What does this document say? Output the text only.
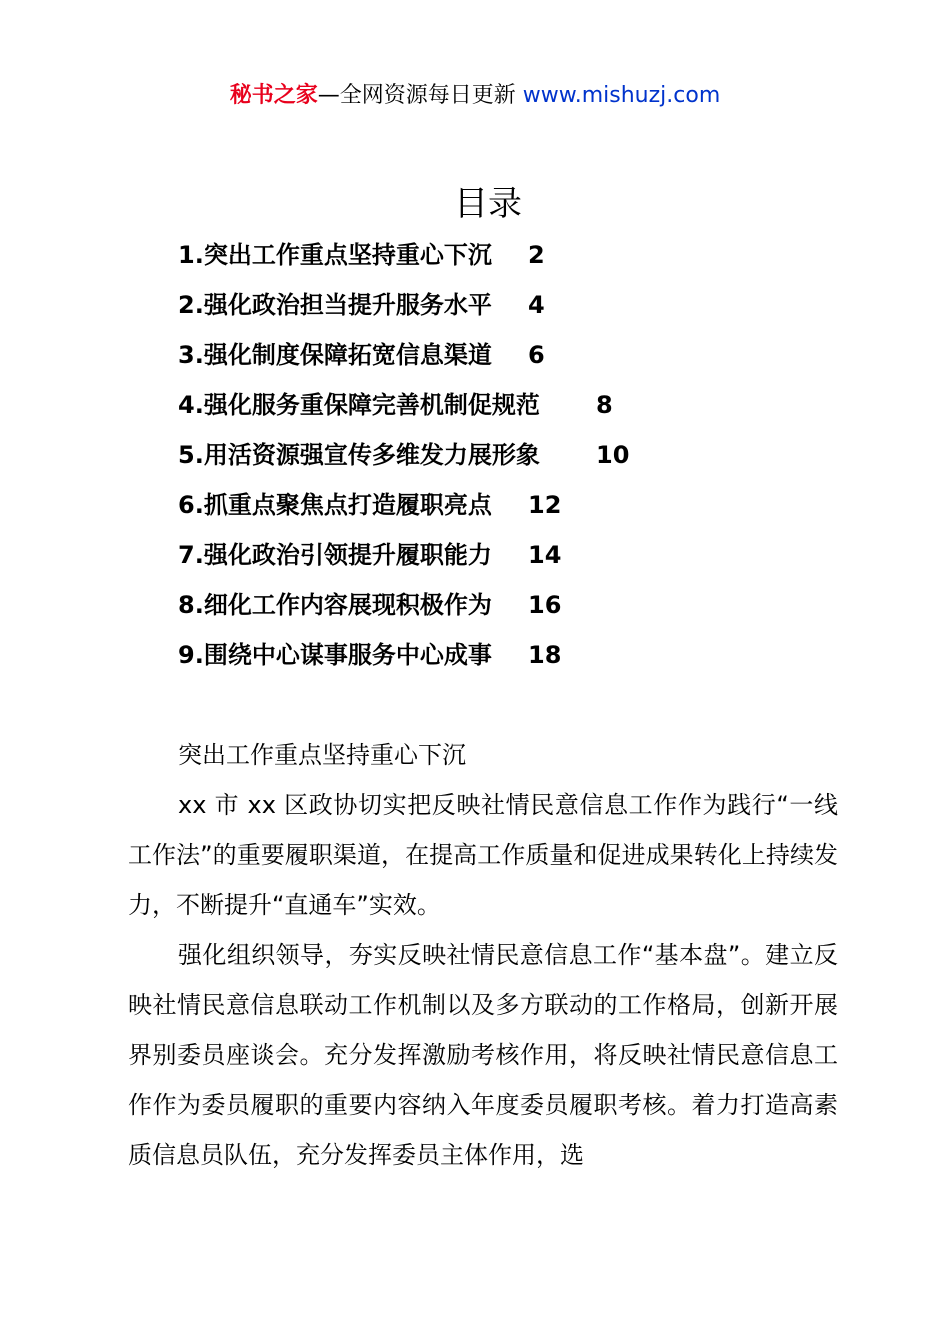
秘书之家—全网资源每日更新 www.mishuzj.com
目录
1.突出工作重点坚持重心下沉 2
2.强化政治担当提升服务水平 4
3.强化制度保障拓宽信息渠道 6
4.强化服务重保障完善机制促规范 8
5.用活资源强宣传多维发力展形象 10
6.抓重点聚焦点打造履职亮点 12
7.强化政治引领提升履职能力 14
8.细化工作内容展现积极作为 16
9.围绕中心谋事服务中心成事 18

突出工作重点坚持重心下沉

xx 市 xx 区政协切实把反映社情民意信息工作作为践行“一线工作法”的重要履职渠道，在提高工作质量和促进成果转化上持续发力，不断提升“直通车”实效。

强化组织领导，夯实反映社情民意信息工作“基本盘”。建立反映社情民意信息联动工作机制以及多方联动的工作格局，创新开展界别委员座谈会。充分发挥激励考核作用，将反映社情民意信息工作作为委员履职的重要内容纳入年度委员履职考核。着力打造高素质信息员队伍，充分发挥委员主体作用，选
